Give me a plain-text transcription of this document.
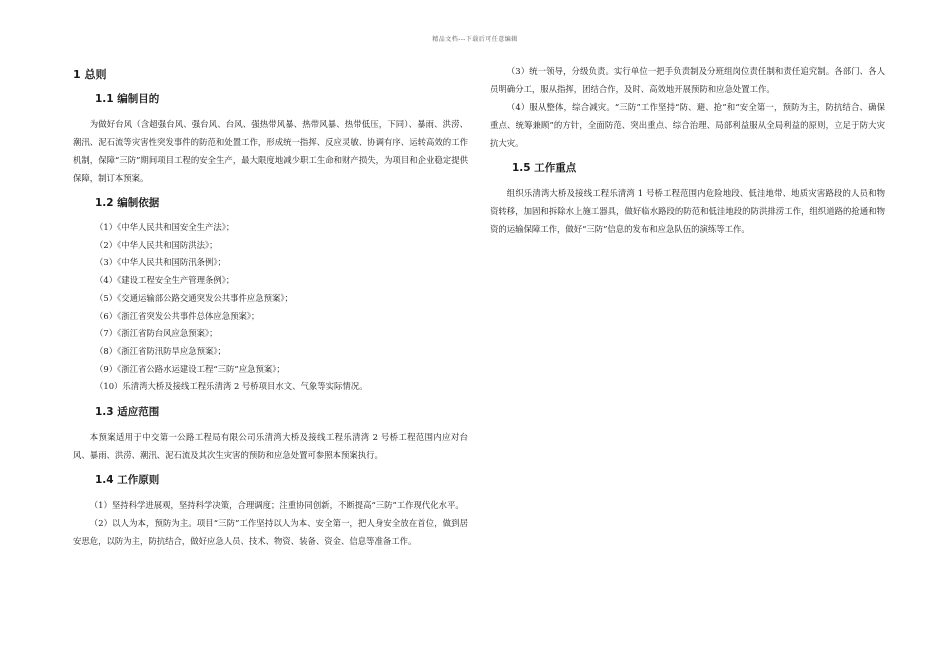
精品文档---下载后可任意编辑
1 总则
1.1 编制目的

为做好台风（含超强台风、强台风、台风、强热带风暴、热带风暴、热带低压，下同）、暴雨、洪涝、潮汛、泥石流等灾害性突发事件的防范和处置工作，形成统一指挥、反应灵敏、协调有序、运转高效的工作机制，保障“三防”期间项目工程的安全生产，最大限度地减少职工生命和财产损失，为项目和企业稳定提供保障，制订本预案。

1.2 编制依据

（1）《中华人民共和国安全生产法》；

（2）《中华人民共和国防洪法》；

（3）《中华人民共和国防汛条例》；

（4）《建设工程安全生产管理条例》；

（5）《交通运输部公路交通突发公共事件应急预案》；

（6）《浙江省突发公共事件总体应急预案》；

（7）《浙江省防台风应急预案》；

（8）《浙江省防汛防旱应急预案》；

（9）《浙江省公路水运建设工程“三防”应急预案》；

（10）乐清湾大桥及接线工程乐清湾 2 号桥项目水文、气象等实际情况。

1.3 适应范围

本预案适用于中交第一公路工程局有限公司乐清湾大桥及接线工程乐清湾 2 号桥工程范围内应对台风、暴雨、洪涝、潮汛、泥石流及其次生灾害的预防和应急处置可参照本预案执行。

1.4 工作原则

（1）坚持科学进展观，坚持科学决策，合理调度；注重协同创新，不断提高“三防”工作现代化水平。

（2）以人为本，预防为主。项目“三防”工作坚持以人为本、安全第一，把人身安全放在首位，做到居安思危，以防为主，防抗结合，做好应急人员、技术、物资、装备、资金、信息等准备工作。

（3）统一领导，分级负责。实行单位一把手负责制及分班组岗位责任制和责任追究制。各部门、各人员明确分工，服从指挥，团结合作，及时、高效地开展预防和应急处置工作。

（4）服从整体，综合减灾。“三防”工作坚持“防、避、抢”和“安全第一，预防为主，防抗结合、确保重点、统筹兼顾”的方针，全面防范、突出重点、综合治理、局部利益服从全局利益的原则，立足于防大灾抗大灾。

1.5 工作重点

组织乐清湾大桥及接线工程乐清湾 1 号桥工程范围内危险地段、低洼地带、地质灾害路段的人员和物资转移，加固和拆除水上施工器具，做好临水路段的防范和低洼地段的防洪排涝工作，组织道路的抢通和物资的运输保障工作，做好“三防”信息的发布和应急队伍的演练等工作。
